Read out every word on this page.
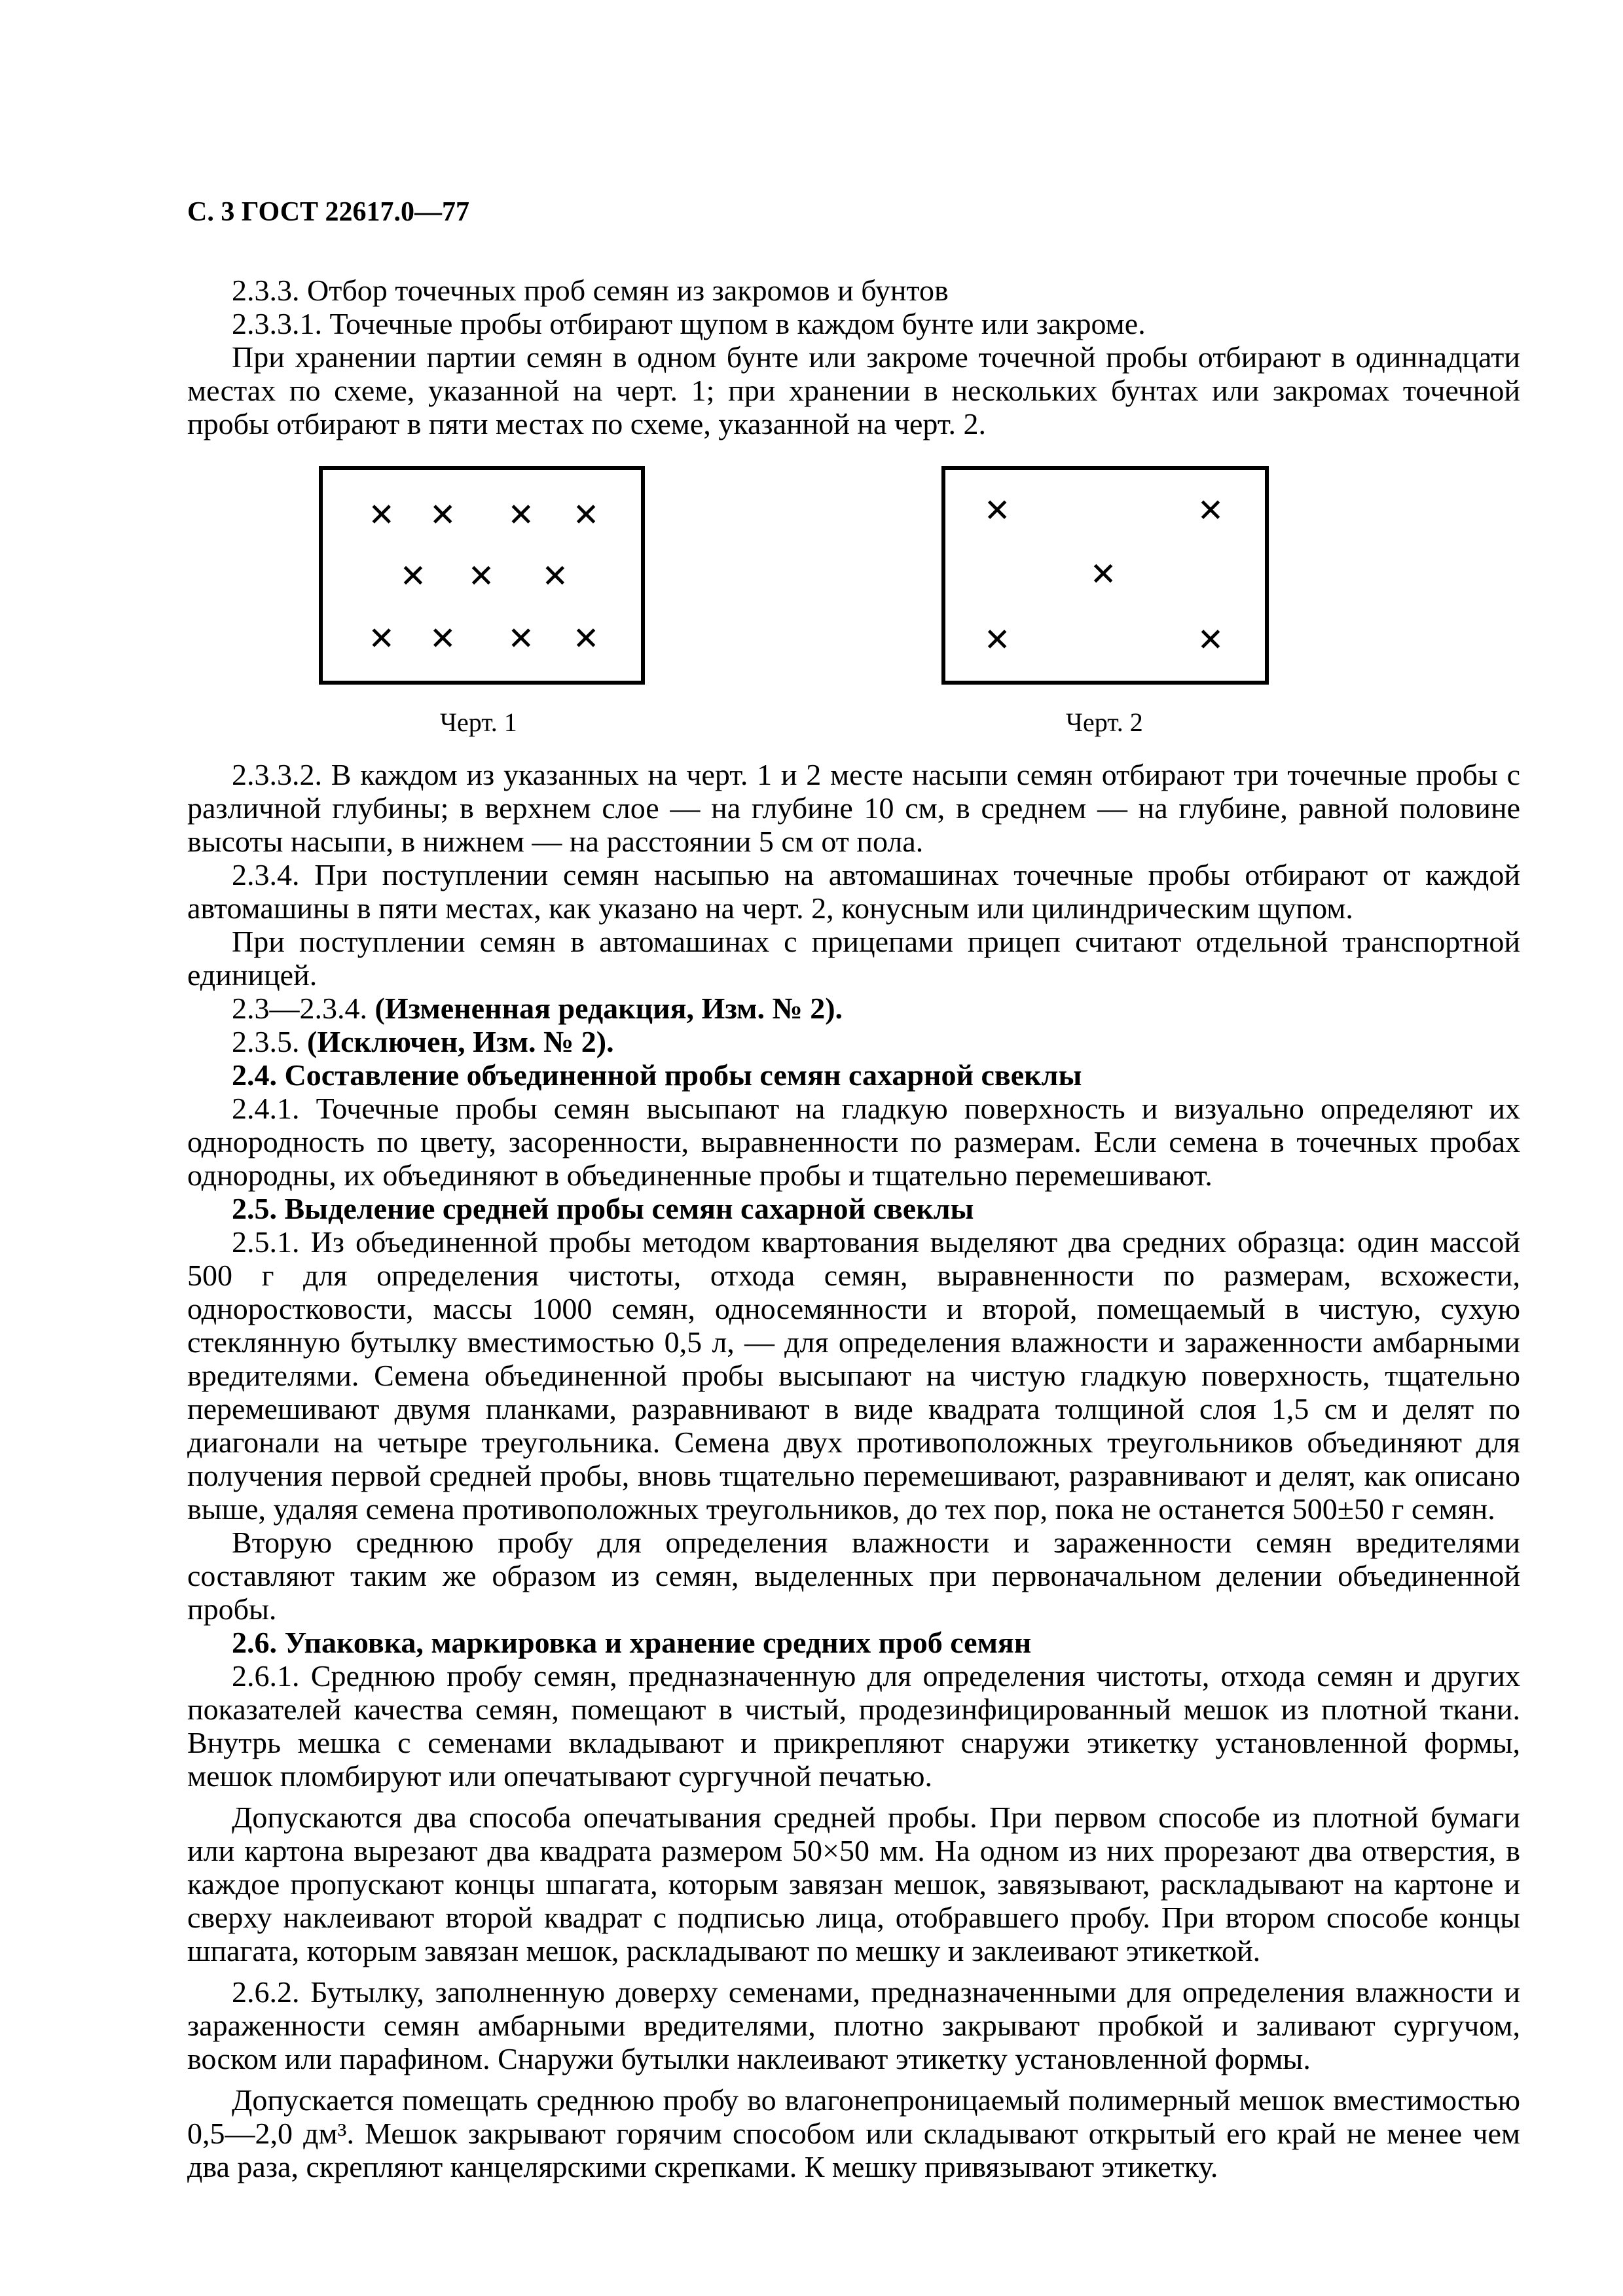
С. 3 ГОСТ 22617.0—77

2.3.3. Отбор точечных проб семян из закромов и бунтов

2.3.3.1. Точечные пробы отбирают щупом в каждом бунте или закроме.

При хранении партии семян в одном бунте или закроме точечной пробы отбирают в одиннадцати местах по схеме, указанной на черт. 1; при хранении в нескольких бунтах или закромах точечной пробы отбирают в пяти местах по схеме, указанной на черт. 2.

Черт. 1	Черт. 2

2.3.3.2. В каждом из указанных на черт. 1 и 2 месте насыпи семян отбирают три точечные пробы с различной глубины; в верхнем слое — на глубине 10 см, в среднем — на глубине, равной половине высоты насыпи, в нижнем — на расстоянии 5 см от пола.

2.3.4. При поступлении семян насыпью на автомашинах точечные пробы отбирают от каждой автомашины в пяти местах, как указано на черт. 2, конусным или цилиндрическим щупом.

При поступлении семян в автомашинах с прицепами прицеп считают отдельной транспортной единицей.

2.3—2.3.4. (Измененная редакция, Изм. № 2).

2.3.5. (Исключен, Изм. № 2).

2.4. Составление объединенной пробы семян сахарной свеклы

2.4.1. Точечные пробы семян высыпают на гладкую поверхность и визуально определяют их однородность по цвету, засоренности, выравненности по размерам. Если семена в точечных пробах однородны, их объединяют в объединенные пробы и тщательно перемешивают.

2.5. Выделение средней пробы семян сахарной свеклы

2.5.1. Из объединенной пробы методом квартования выделяют два средних образца: один массой 500 г для определения чистоты, отхода семян, выравненности по размерам, всхожести, одноростковости, массы 1000 семян, односемянности и второй, помещаемый в чистую, сухую стеклянную бутылку вместимостью 0,5 л, — для определения влажности и зараженности амбарными вредителями. Семена объединенной пробы высыпают на чистую гладкую поверхность, тщательно перемешивают двумя планками, разравнивают в виде квадрата толщиной слоя 1,5 см и делят по диагонали на четыре треугольника. Семена двух противоположных треугольников объединяют для получения первой средней пробы, вновь тщательно перемешивают, разравнивают и делят, как описано выше, удаляя семена противоположных треугольников, до тех пор, пока не останется 500±50 г семян.

Вторую среднюю пробу для определения влажности и зараженности семян вредителями составляют таким же образом из семян, выделенных при первоначальном делении объединенной пробы.

2.6. Упаковка, маркировка и хранение средних проб семян

2.6.1. Среднюю пробу семян, предназначенную для определения чистоты, отхода семян и других показателей качества семян, помещают в чистый, продезинфицированный мешок из плотной ткани. Внутрь мешка с семенами вкладывают и прикрепляют снаружи этикетку установленной формы, мешок пломбируют или опечатывают сургучной печатью.

Допускаются два способа опечатывания средней пробы. При первом способе из плотной бумаги или картона вырезают два квадрата размером 50×50 мм. На одном из них прорезают два отверстия, в каждое пропускают концы шпагата, которым завязан мешок, завязывают, раскладывают на картоне и сверху наклеивают второй квадрат с подписью лица, отобравшего пробу. При втором способе концы шпагата, которым завязан мешок, раскладывают по мешку и заклеивают этикеткой.

2.6.2. Бутылку, заполненную доверху семенами, предназначенными для определения влажности и зараженности семян амбарными вредителями, плотно закрывают пробкой и заливают сургучом, воском или парафином. Снаружи бутылки наклеивают этикетку установленной формы.

Допускается помещать среднюю пробу во влагонепроницаемый полимерный мешок вместимостью 0,5—2,0 дм³. Мешок закрывают горячим способом или складывают открытый его край не менее чем два раза, скрепляют канцелярскими скрепками. К мешку привязывают этикетку.
